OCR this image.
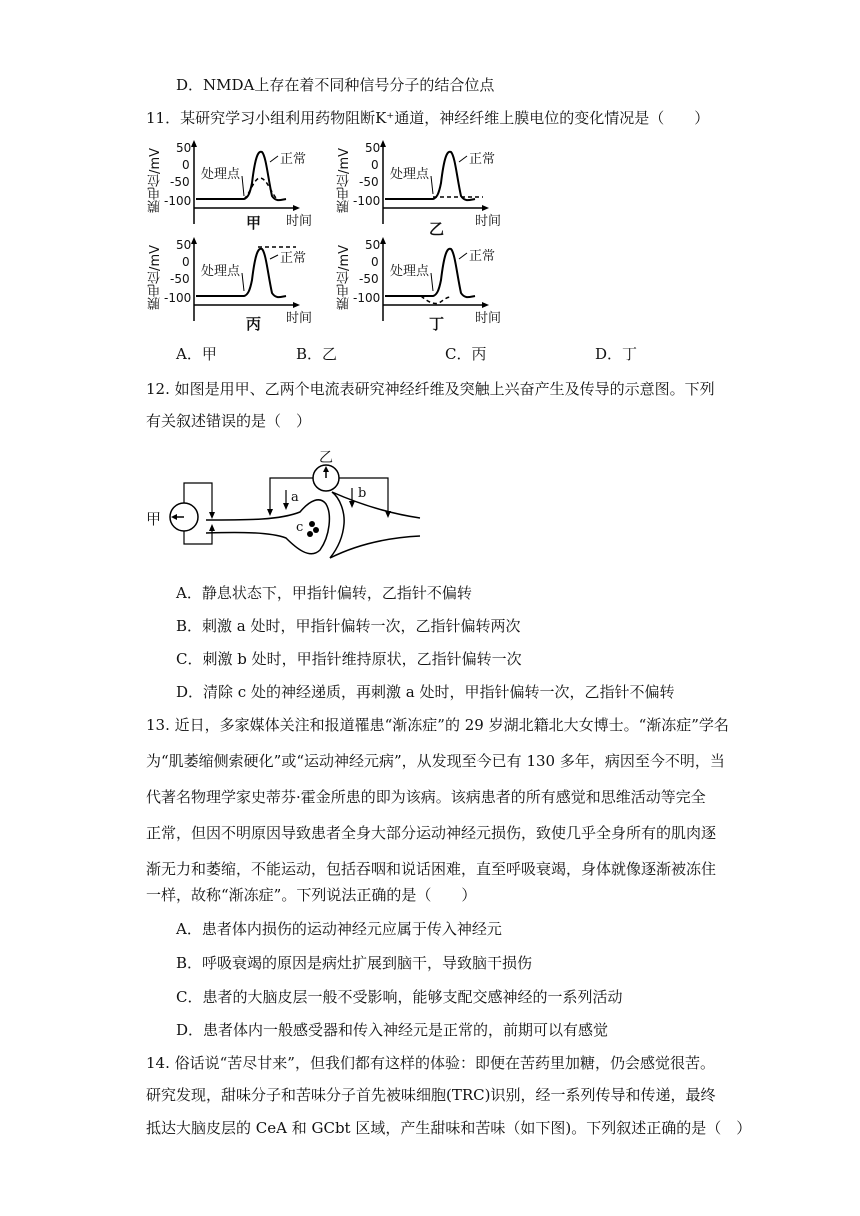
D．NMDA上存在着不同种信号分子的结合位点
11．某研究学习小组利用药物阻断K⁺通道，神经纤维上膜电位的变化情况是（　　）
膜电位/mV 50
0
-50
-100
处理点
正常
时间
甲
膜电位/mV 50
0
-50
-100
处理点
正常
时间
乙
膜电位/mV 50
0
-50
-100
处理点
正常
时间
丙
膜电位/mV 50
0
-50
-100
处理点
正常
时间
丁
A．甲	B．乙	C．丙	D．丁
12. 如图是用甲、乙两个电流表研究神经纤维及突触上兴奋产生及传导的示意图。下列
有关叙述错误的是（　）
甲
乙
a	b
c
A．静息状态下，甲指针偏转，乙指针不偏转
B．刺激 a 处时，甲指针偏转一次，乙指针偏转两次
C．刺激 b 处时，甲指针维持原状，乙指针偏转一次
D．清除 c 处的神经递质，再刺激 a 处时，甲指针偏转一次，乙指针不偏转
13. 近日，多家媒体关注和报道罹患“渐冻症”的 29 岁湖北籍北大女博士。“渐冻症”学名
为“肌萎缩侧索硬化”或“运动神经元病”，从发现至今已有 130 多年，病因至今不明，当
代著名物理学家史蒂芬·霍金所患的即为该病。该病患者的所有感觉和思维活动等完全
正常，但因不明原因导致患者全身大部分运动神经元损伤，致使几乎全身所有的肌肉逐
渐无力和萎缩，不能运动，包括吞咽和说话困难，直至呼吸衰竭，身体就像逐渐被冻住
一样，故称“渐冻症”。下列说法正确的是（　　）
A．患者体内损伤的运动神经元应属于传入神经元
B．呼吸衰竭的原因是病灶扩展到脑干，导致脑干损伤
C．患者的大脑皮层一般不受影响，能够支配交感神经的一系列活动
D．患者体内一般感受器和传入神经元是正常的，前期可以有感觉
14. 俗话说“苦尽甘来”，但我们都有这样的体验：即便在苦药里加糖，仍会感觉很苦。
研究发现，甜味分子和苦味分子首先被味细胞(TRC)识别，经一系列传导和传递，最终
抵达大脑皮层的 CeA 和 GCbt 区域，产生甜味和苦味（如下图)。下列叙述正确的是（　）
